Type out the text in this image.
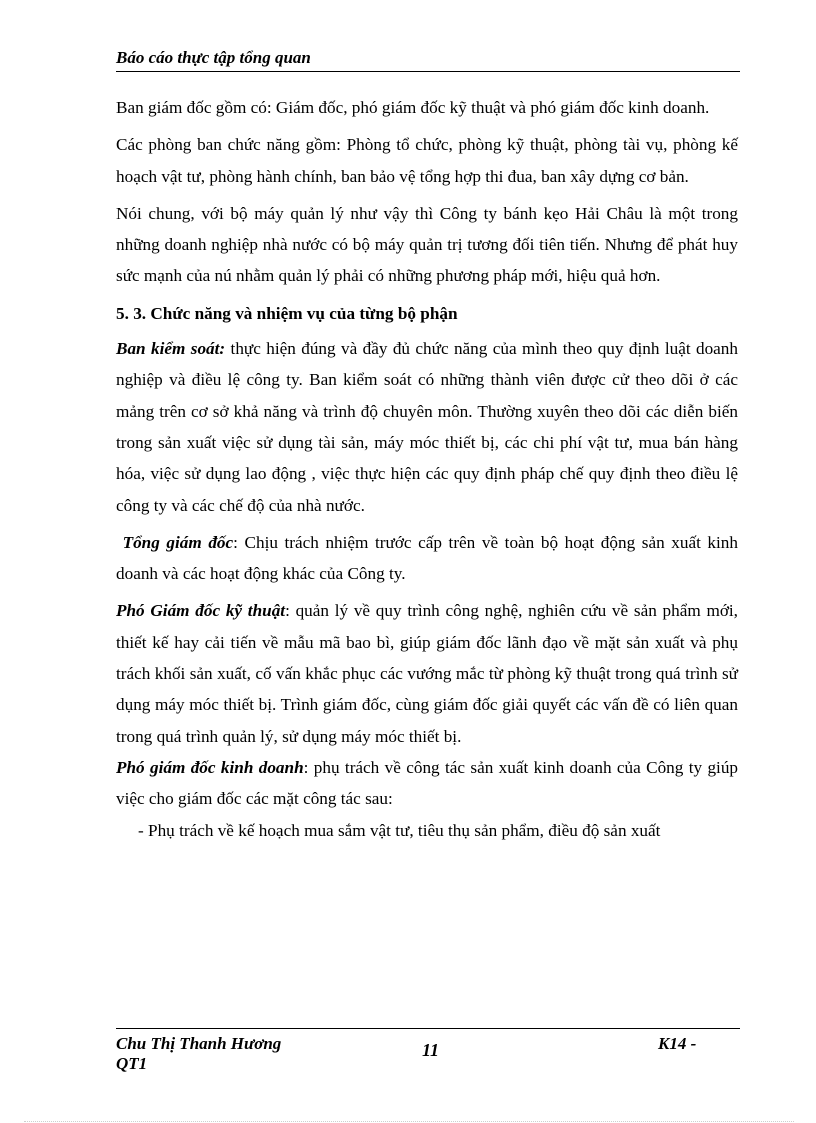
Báo cáo thực tập tổng quan

Ban giám đốc gồm có: Giám đốc, phó giám đốc kỹ thuật và phó giám đốc kinh doanh.

Các phòng ban chức năng gồm: Phòng tổ chức, phòng kỹ thuật, phòng tài vụ, phòng kế hoạch vật tư, phòng hành chính, ban bảo vệ tổng hợp thi đua, ban xây dựng cơ bản.

Nói chung, với bộ máy quản lý như vậy thì Công ty bánh kẹo Hải Châu là một trong những doanh nghiệp nhà nước có bộ máy quản trị tương đối tiên tiến. Nhưng để phát huy sức mạnh của nú nhằm quản lý phải có những phương pháp mới, hiệu quả hơn.

5. 3. Chức năng và nhiệm vụ của từng bộ phận

Ban kiểm soát: thực hiện đúng và đầy đủ chức năng của mình theo quy định luật doanh nghiệp và điều lệ công ty. Ban kiểm soát có những thành viên được cử theo dõi ở các mảng trên cơ sở khả năng và trình độ chuyên môn. Thường xuyên theo dõi các diễn biến trong sản xuất việc sử dụng tài sản, máy móc thiết bị, các chi phí vật tư, mua bán hàng hóa, việc sử dụng lao động , việc thực hiện các quy định pháp chế quy định theo điều lệ công ty và các chế độ của nhà nước.

Tổng giám đốc: Chịu trách nhiệm trước cấp trên về toàn bộ hoạt động sản xuất kinh doanh và các hoạt động khác của Công ty.

Phó Giám đốc kỹ thuật: quản lý về quy trình công nghệ, nghiên cứu về sản phẩm mới, thiết kế hay cải tiến về mẫu mã bao bì, giúp giám đốc lãnh đạo về mặt sản xuất và phụ trách khối sản xuất, cố vấn khắc phục các vướng mắc từ phòng kỹ thuật trong quá trình sử dụng máy móc thiết bị. Trình giám đốc, cùng giám đốc giải quyết các vấn đề có liên quan trong quá trình quản lý, sử dụng máy móc thiết bị.

Phó giám đốc kinh doanh: phụ trách về công tác sản xuất kinh doanh của Công ty giúp việc cho giám đốc các mặt công tác sau:

- Phụ trách về kế hoạch mua sắm vật tư, tiêu thụ sản phẩm, điều độ sản xuất

Chu Thị Thanh Hương
QT1
11	K14 -
